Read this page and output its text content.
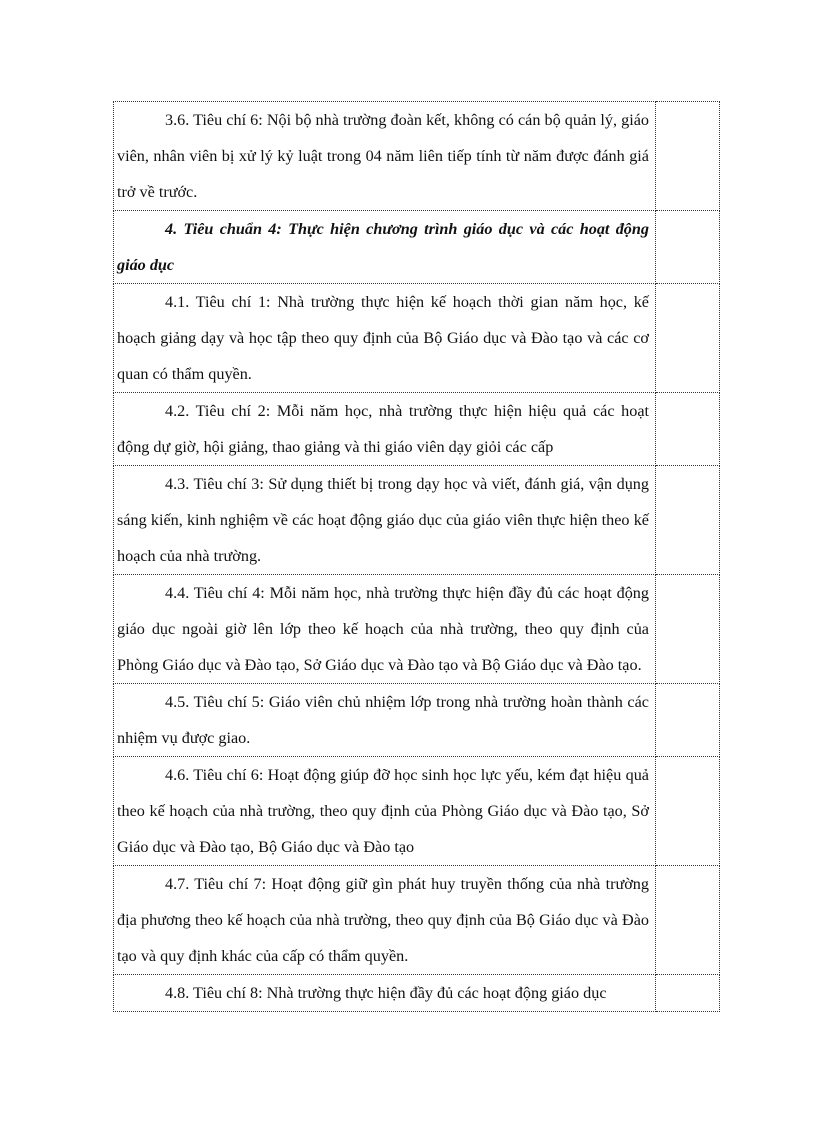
3.6. Tiêu chí 6: Nội bộ nhà trường đoàn kết, không có cán bộ quản lý, giáo viên, nhân viên bị xử lý kỷ luật trong 04 năm liên tiếp tính từ năm được đánh giá trở về trước.	

4. Tiêu chuẩn 4: Thực hiện chương trình giáo dục và các hoạt động giáo dục	

4.1. Tiêu chí 1: Nhà trường thực hiện kế hoạch thời gian năm học, kế hoạch giảng dạy và học tập theo quy định của Bộ Giáo dục và Đào tạo và các cơ quan có thẩm quyền.	

4.2. Tiêu chí 2: Mỗi năm học, nhà trường thực hiện hiệu quả các hoạt động dự giờ, hội giảng, thao giảng và thi giáo viên dạy giỏi các cấp	

4.3. Tiêu chí 3: Sử dụng thiết bị trong dạy học và viết, đánh giá, vận dụng sáng kiến, kinh nghiệm về các hoạt động giáo dục của giáo viên thực hiện theo kế hoạch của nhà trường.	

4.4. Tiêu chí 4: Mỗi năm học, nhà trường thực hiện đầy đủ các hoạt động giáo dục ngoài giờ lên lớp theo kế hoạch của nhà trường, theo quy định của Phòng Giáo dục và Đào tạo, Sở Giáo dục và Đào tạo và Bộ Giáo dục và Đào tạo.	

4.5. Tiêu chí 5: Giáo viên chủ nhiệm lớp trong nhà trường hoàn thành các nhiệm vụ được giao.	

4.6. Tiêu chí 6: Hoạt động giúp đỡ học sinh học lực yếu, kém đạt hiệu quả theo kế hoạch của nhà trường, theo quy định của Phòng Giáo dục và Đào tạo, Sở Giáo dục và Đào tạo, Bộ Giáo dục và Đào tạo	

4.7. Tiêu chí 7: Hoạt động giữ gìn phát huy truyền thống của nhà trường địa phương theo kế hoạch của nhà trường, theo quy định của Bộ Giáo dục và Đào tạo và quy định khác của cấp có thẩm quyền.	

4.8. Tiêu chí 8: Nhà trường thực hiện đầy đủ các hoạt động giáo dục	
